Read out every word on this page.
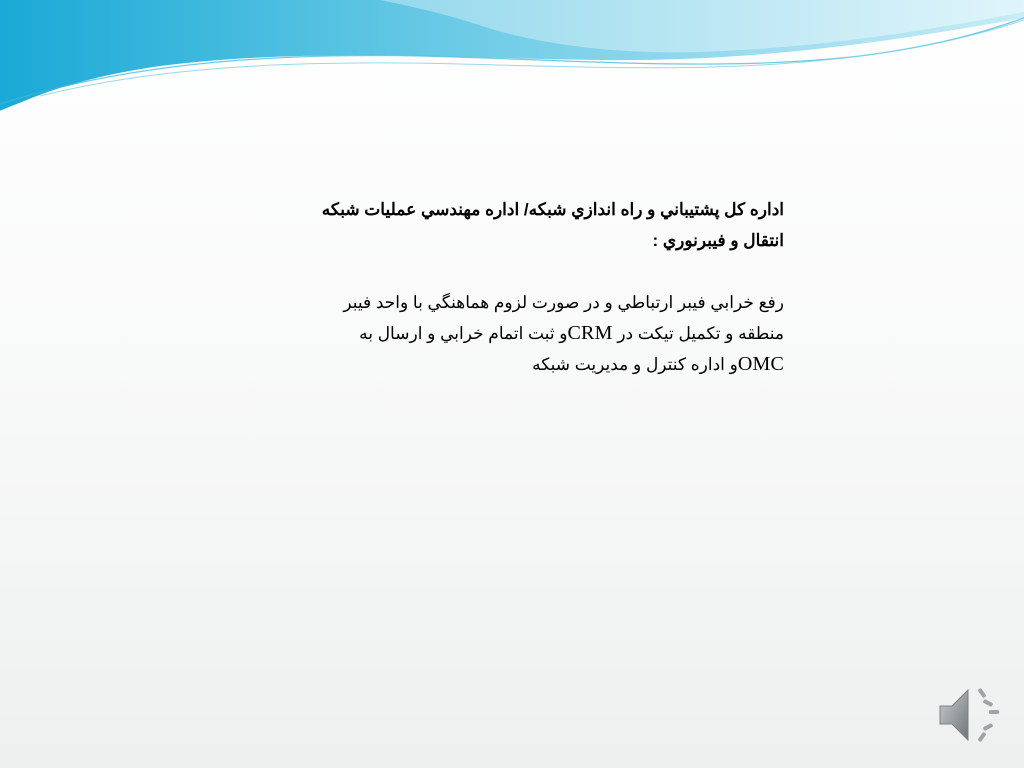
اداره كل پشتيباني و راه اندازي شبكه/ اداره مهندسي عمليات شبكه
انتقال و فيبرنوري :

رفع خرابي فيبر ارتباطي و در صورت لزوم هماهنگي با واحد فيبر
منطقه و تكميل تيكت در CRMو ثبت اتمام خرابي و ارسال به
OMCو اداره كنترل و مديريت شبكه
